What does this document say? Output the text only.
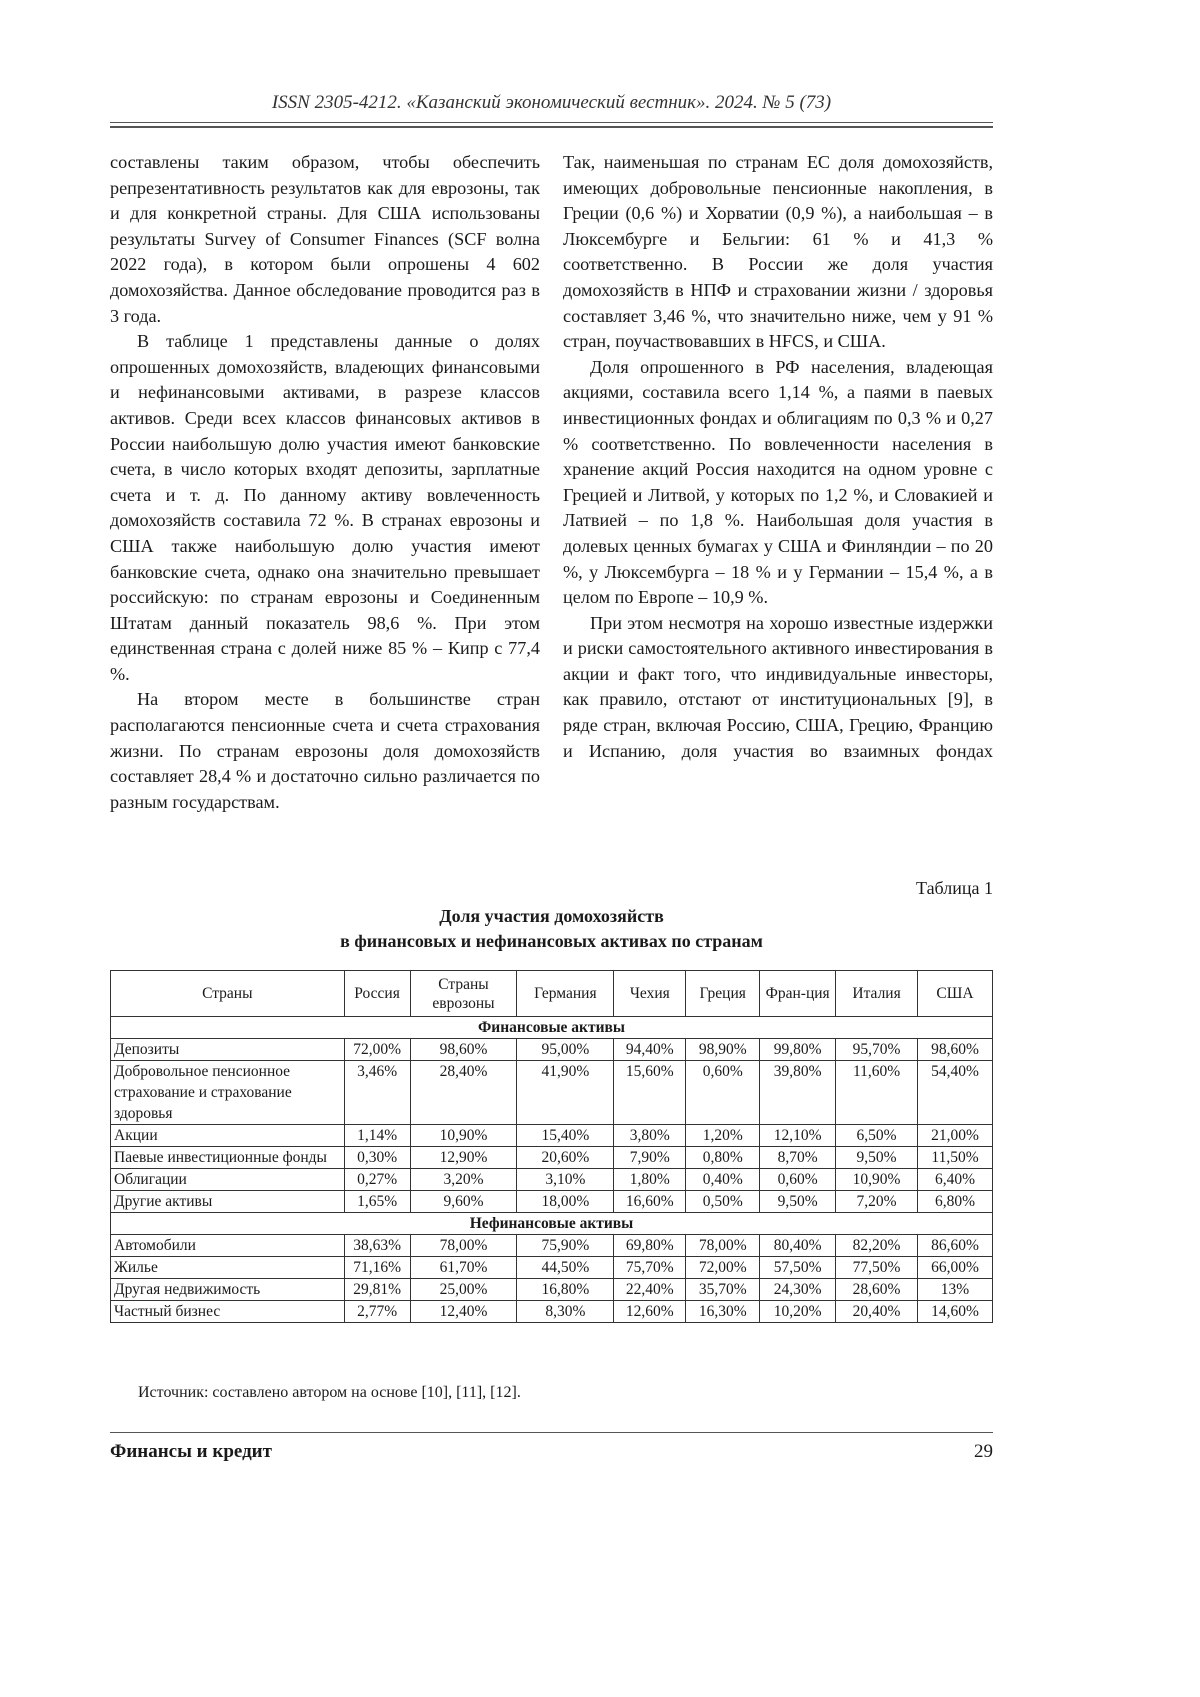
ISSN 2305-4212. «Казанский экономический вестник». 2024. № 5 (73)

составлены таким образом, чтобы обеспечить репрезентативность результатов как для еврозоны, так и для конкретной страны. Для США использованы результаты Survey of Consumer Finances (SCF волна 2022 года), в котором были опрошены 4 602 домохозяйства. Данное обследование проводится раз в 3 года.

В таблице 1 представлены данные о долях опрошенных домохозяйств, владеющих финансовыми и нефинансовыми активами, в разрезе классов активов. Среди всех классов финансовых активов в России наибольшую долю участия имеют банковские счета, в число которых входят депозиты, зарплатные счета и т. д. По данному активу вовлеченность домохозяйств составила 72 %. В странах еврозоны и США также наибольшую долю участия имеют банковские счета, однако она значительно превышает российскую: по странам еврозоны и Соединенным Штатам данный показатель 98,6 %. При этом единственная страна с долей ниже 85 % – Кипр с 77,4 %.

На втором месте в большинстве стран располагаются пенсионные счета и счета страхования жизни. По странам еврозоны доля домохозяйств составляет 28,4 % и достаточно сильно различается по разным государствам.

Так, наименьшая по странам ЕС доля домохозяйств, имеющих добровольные пенсионные накопления, в Греции (0,6 %) и Хорватии (0,9 %), а наибольшая – в Люксембурге и Бельгии: 61 % и 41,3 % соответственно. В России же доля участия домохозяйств в НПФ и страховании жизни / здоровья составляет 3,46 %, что значительно ниже, чем у 91 % стран, поучаствовавших в HFCS, и США.

Доля опрошенного в РФ населения, владеющая акциями, составила всего 1,14 %, а паями в паевых инвестиционных фондах и облигациям по 0,3 % и 0,27 % соответственно. По вовлеченности населения в хранение акций Россия находится на одном уровне с Грецией и Литвой, у которых по 1,2 %, и Словакией и Латвией – по 1,8 %. Наибольшая доля участия в долевых ценных бумагах у США и Финляндии – по 20 %, у Люксембурга – 18 % и у Германии – 15,4 %, а в целом по Европе – 10,9 %.

При этом несмотря на хорошо известные издержки и риски самостоятельного активного инвестирования в акции и факт того, что индивидуальные инвесторы, как правило, отстают от институциональных [9], в ряде стран, включая Россию, США, Грецию, Францию и Испанию, доля участия во взаимных фондах

Таблица 1
Доля участия домохозяйств
в финансовых и нефинансовых активах по странам
Страны	Россия	Страны еврозоны	Германия	Чехия	Греция	Фран-ция	Италия	США
Финансовые активы								
Депозиты	72,00%	98,60%	95,00%	94,40%	98,90%	99,80%	95,70%	98,60%
Добровольное пенсионное страхование и страхование здоровья	3,46%	28,40%	41,90%	15,60%	0,60%	39,80%	11,60%	54,40%
Акции	1,14%	10,90%	15,40%	3,80%	1,20%	12,10%	6,50%	21,00%
Паевые инвестиционные фонды	0,30%	12,90%	20,60%	7,90%	0,80%	8,70%	9,50%	11,50%
Облигации	0,27%	3,20%	3,10%	1,80%	0,40%	0,60%	10,90%	6,40%
Другие активы	1,65%	9,60%	18,00%	16,60%	0,50%	9,50%	7,20%	6,80%
Нефинансовые активы								
Автомобили	38,63%	78,00%	75,90%	69,80%	78,00%	80,40%	82,20%	86,60%
Жилье	71,16%	61,70%	44,50%	75,70%	72,00%	57,50%	77,50%	66,00%
Другая недвижимость	29,81%	25,00%	16,80%	22,40%	35,70%	24,30%	28,60%	13%
Частный бизнес	2,77%	12,40%	8,30%	12,60%	16,30%	10,20%	20,40%	14,60%
Источник: составлено автором на основе [10], [11], [12].
Финансы и кредит	29
